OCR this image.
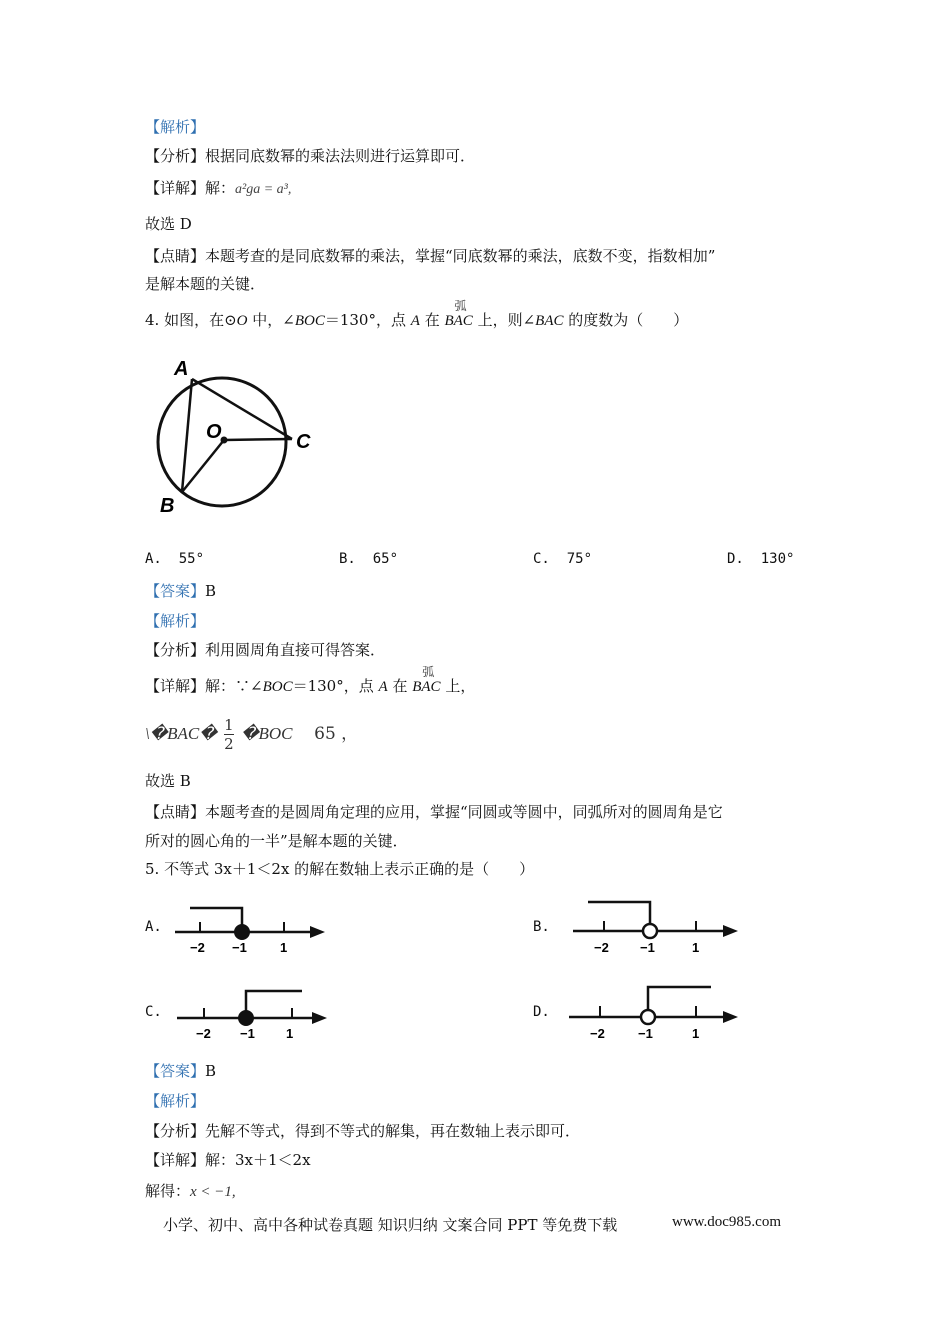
【解析】
【分析】根据同底数幂的乘法法则进行运算即可．
【详解】解：a²ga = a³,
故选 D
【点睛】本题考查的是同底数幂的乘法，掌握“同底数幂的乘法，底数不变，指数相加”
是解本题的关键．
4. 如图，在⊙O 中，∠BOC＝130°，点 A 在
弧
BAC 上，则∠BAC 的度数为（　　）
A
O	C
B
A. 55°	B. 65°	C. 75°	D. 130°
【答案】B
【解析】
【分析】利用圆周角直接可得答案．
【详解】解：∵∠BOC＝130°，点 A 在
弧
BAC 上，
\�BAC� $\frac{1}{2}$ �BOC 65 ，
故选 B
【点睛】本题考查的是圆周角定理的应用，掌握“同圆或等圆中，同弧所对的圆周角是它
所对的圆心角的一半”是解本题的关键．
5. 不等式 3x＋1＜2x 的解在数轴上表示正确的是（　　）
A.	B.
C.	D.
−2 −1	1	−2 −1	1
−2 −1 1	−2	−1	1
【答案】B
【解析】
【分析】先解不等式，得到不等式的解集，再在数轴上表示即可．
【详解】解：3x＋1＜2x
解得：x < −1,
小学、初中、高中各种试卷真题 知识归纳 文案合同 PPT 等免费下载	www.doc985.com
